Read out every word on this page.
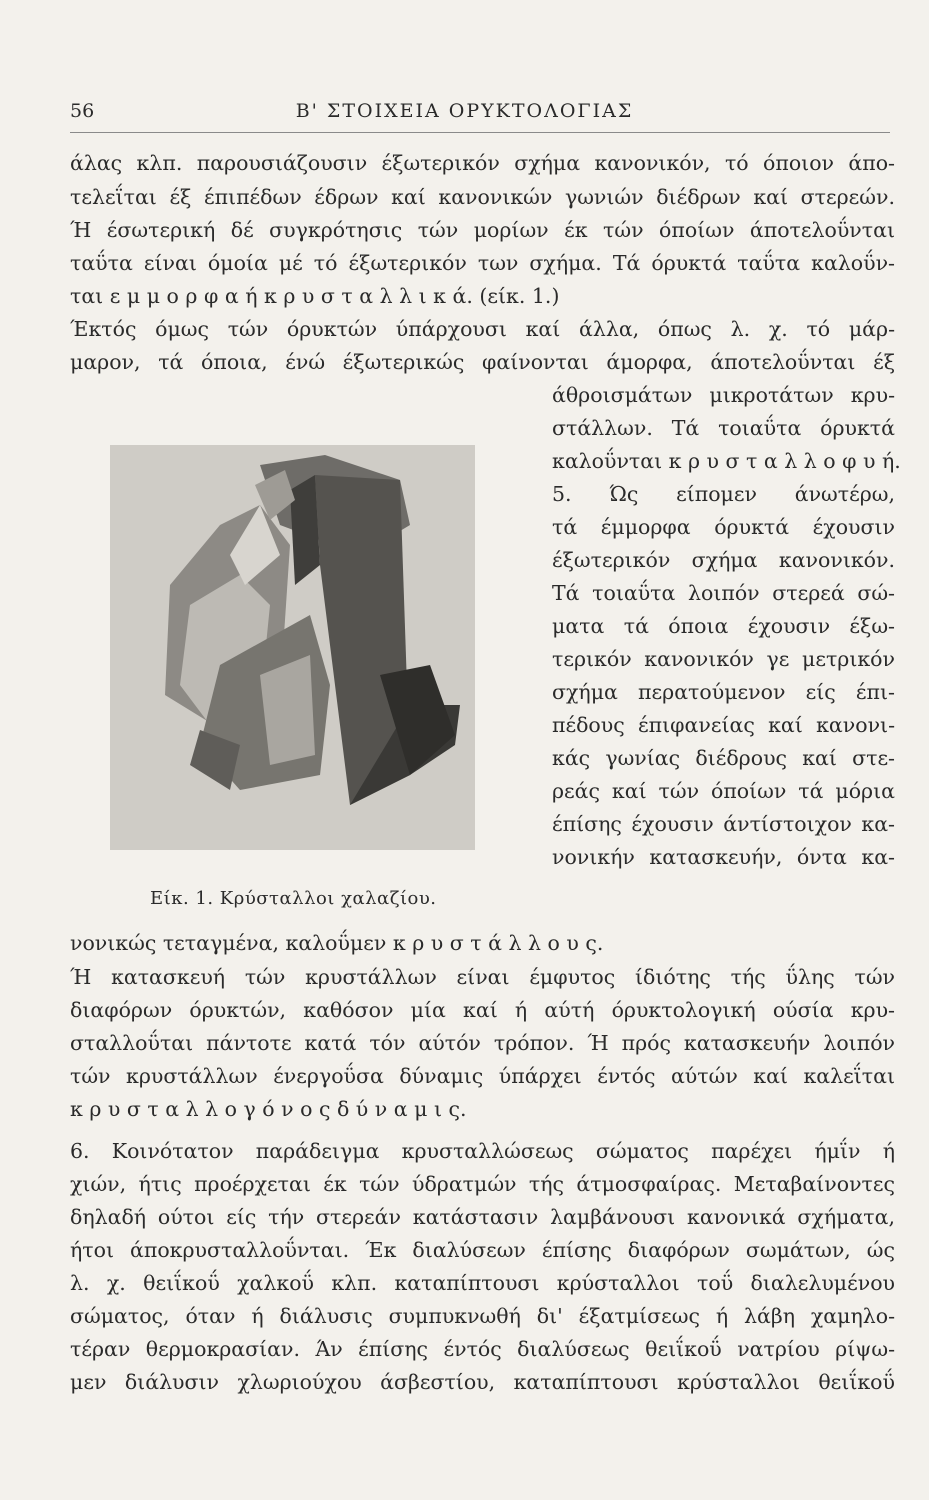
56	Β' ΣΤΟΙΧΕΙΑ ΟΡΥΚΤΟΛΟΓΙΑΣ
άλας κλπ. παρουσιάζουσιν έξωτερικόν σχήμα κανονικόν, τό όποιον άπο-
τελεΐται έξ έπιπέδων έδρων καί κανονικών γωνιών διέδρων καί στερεών.
Ή έσωτερική δέ συγκρότησις τών μορίων έκ τών όποίων άποτελοΰνται
ταΰτα είναι όμοία μέ τό έξωτερικόν των σχήμα. Τά όρυκτά ταΰτα καλοΰν-
ται ε μ μ ο ρ φ α ή κ ρ υ σ τ α λ λ ι κ ά. (είκ. 1.)
Έκτός όμως τών όρυκτών ύπάρχουσι καί άλλα, όπως λ. χ. τό μάρ-
μαρον, τά όποια, ένώ έξωτερικώς φαίνονται άμορφα, άποτελοΰνται έξ
άθροισμάτων μικροτάτων κρυ-
στάλλων. Τά τοιαΰτα όρυκτά
καλοΰνται κ ρ υ σ τ α λ λ ο φ υ ή.
5. Ώς είπομεν άνωτέρω,
τά έμμορφα όρυκτά έχουσιν
έξωτερικόν σχήμα κανονικόν.
Τά τοιαΰτα λοιπόν στερεά σώ-
ματα τά όποια έχουσιν έξω-
τερικόν κανονικόν γε μετρικόν
σχήμα περατούμενον είς έπι-
πέδους έπιφανείας καί κανονι-
κάς γωνίας διέδρους καί στε-
ρεάς καί τών όποίων τά μόρια
έπίσης έχουσιν άντίστοιχον κα-
νονικήν κατασκευήν, όντα κα-
Είκ. 1. Κρύσταλλοι χαλαζίου.
νονικώς τεταγμένα, καλοΰμεν κ ρ υ σ τ ά λ λ ο υ ς.
Ή κατασκευή τών κρυστάλλων είναι έμφυτος ίδιότης τής ΰλης τών
διαφόρων όρυκτών, καθόσον μία καί ή αύτή όρυκτολογική ούσία κρυ-
σταλλοΰται πάντοτε κατά τόν αύτόν τρόπον. Ή πρός κατασκευήν λοιπόν
τών κρυστάλλων ένεργοΰσα δύναμις ύπάρχει έντός αύτών καί καλεΐται
κ ρ υ σ τ α λ λ ο γ ό ν ο ς δ ύ ν α μ ι ς.
6. Κοινότατον παράδειγμα κρυσταλλώσεως σώματος παρέχει ήμΐν ή
χιών, ήτις προέρχεται έκ τών ύδρατμών τής άτμοσφαίρας. Μεταβαίνοντες
δηλαδή ούτοι είς τήν στερεάν κατάστασιν λαμβάνουσι κανονικά σχήματα,
ήτοι άποκρυσταλλοΰνται. Έκ διαλύσεων έπίσης διαφόρων σωμάτων, ώς
λ. χ. θειΐκοΰ χαλκοΰ κλπ. καταπίπτουσι κρύσταλλοι τοΰ διαλελυμένου
σώματος, όταν ή διάλυσις συμπυκνωθή δι' έξατμίσεως ή λάβη χαμηλο-
τέραν θερμοκρασίαν. Άν έπίσης έντός διαλύσεως θειΐκοΰ νατρίου ρίψω-
μεν διάλυσιν χλωριούχου άσβεστίου, καταπίπτουσι κρύσταλλοι θειΐκοΰ
